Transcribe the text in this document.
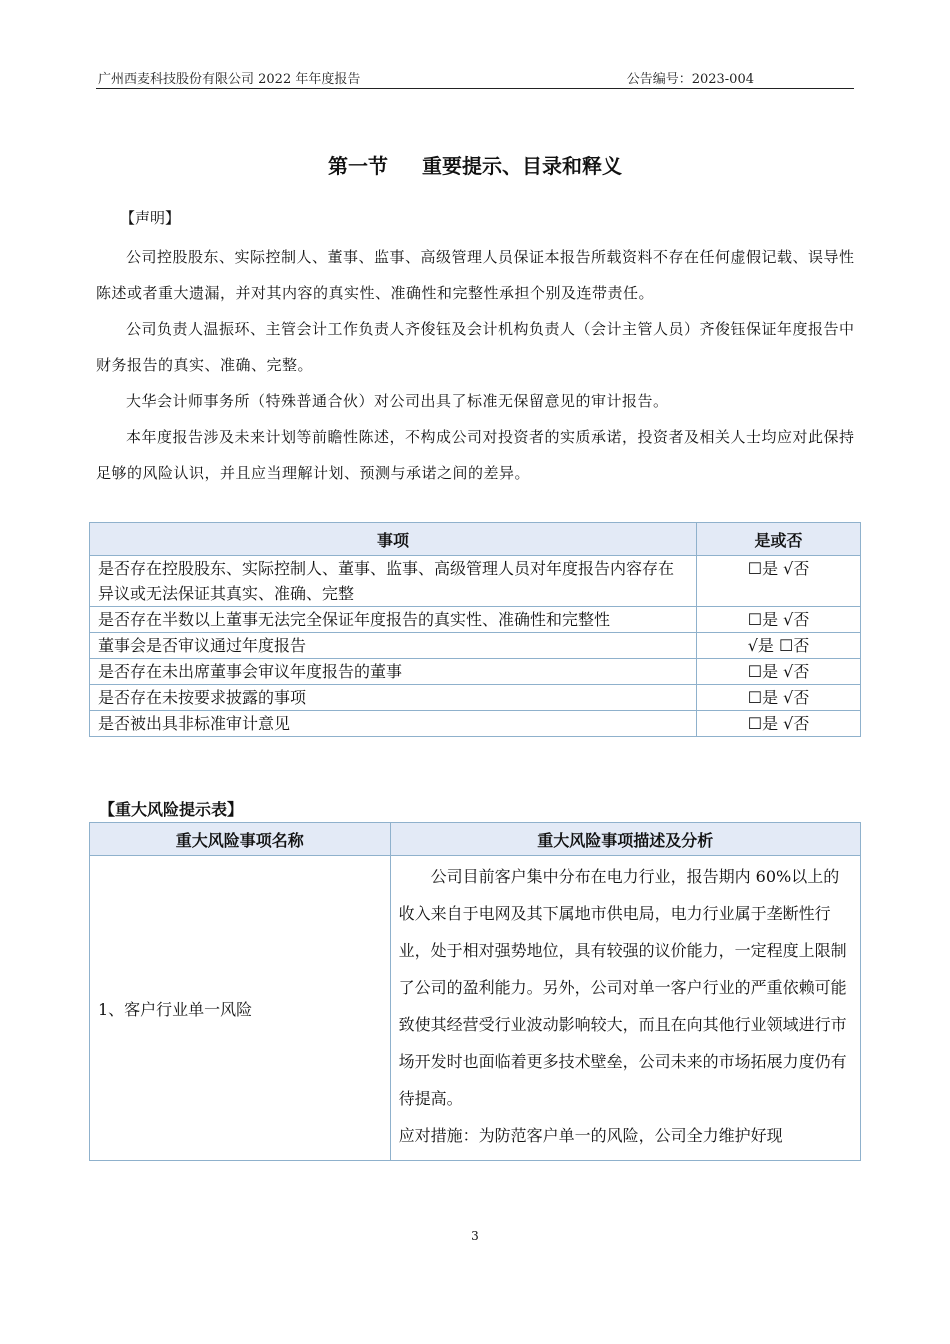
广州西麦科技股份有限公司 2022 年年度报告	公告编号：2023-004
第一节 重要提示、目录和释义
【声明】

公司控股股东、实际控制人、董事、监事、高级管理人员保证本报告所载资料不存在任何虚假记载、误导性陈述或者重大遗漏，并对其内容的真实性、准确性和完整性承担个别及连带责任。

公司负责人温振环、主管会计工作负责人齐俊钰及会计机构负责人（会计主管人员）齐俊钰保证年度报告中财务报告的真实、准确、完整。

大华会计师事务所（特殊普通合伙）对公司出具了标准无保留意见的审计报告。

本年度报告涉及未来计划等前瞻性陈述，不构成公司对投资者的实质承诺，投资者及相关人士均应对此保持足够的风险认识，并且应当理解计划、预测与承诺之间的差异。

事项	是或否
是否存在控股股东、实际控制人、董事、监事、高级管理人员对年度报告内容存在异议或无法保证其真实、准确、完整	☐是 √否
是否存在半数以上董事无法完全保证年度报告的真实性、准确性和完整性	☐是 √否
董事会是否审议通过年度报告	√是 ☐否
是否存在未出席董事会审议年度报告的董事	☐是 √否
是否存在未按要求披露的事项	☐是 √否
是否被出具非标准审计意见	☐是 √否
【重大风险提示表】
重大风险事项名称	重大风险事项描述及分析
1、客户行业单一风险	公司目前客户集中分布在电力行业，报告期内 60%以上的收入来自于电网及其下属地市供电局，电力行业属于垄断性行业，处于相对强势地位，具有较强的议价能力，一定程度上限制了公司的盈利能力。另外，公司对单一客户行业的严重依赖可能致使其经营受行业波动影响较大，而且在向其他行业领域进行市场开发时也面临着更多技术壁垒，公司未来的市场拓展力度仍有待提高。

应对措施：为防范客户单一的风险，公司全力维护好现

3
